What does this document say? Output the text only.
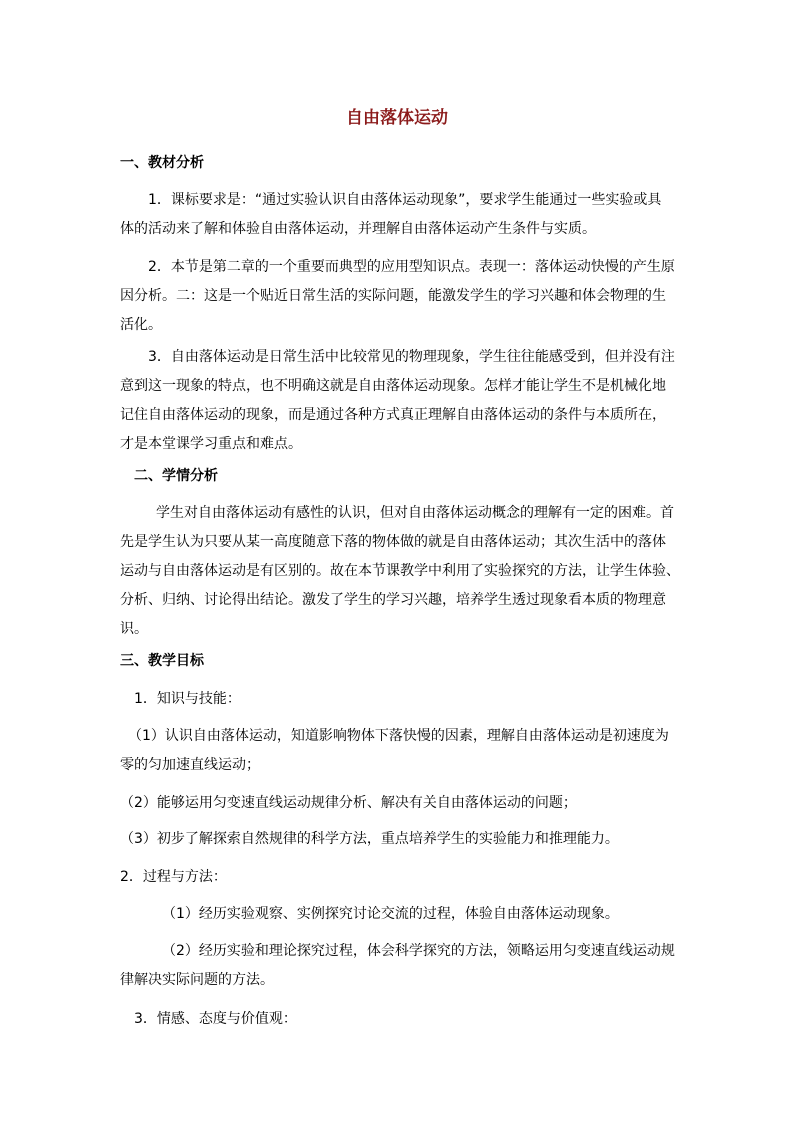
自由落体运动
一、教材分析
1．课标要求是：“通过实验认识自由落体运动现象”，要求学生能通过一些实验或具
体的活动来了解和体验自由落体运动，并理解自由落体运动产生条件与实质。
2．本节是第二章的一个重要而典型的应用型知识点。表现一：落体运动快慢的产生原
因分析。二：这是一个贴近日常生活的实际问题，能激发学生的学习兴趣和体会物理的生
活化。
3．自由落体运动是日常生活中比较常见的物理现象，学生往往能感受到，但并没有注
意到这一现象的特点，也不明确这就是自由落体运动现象。怎样才能让学生不是机械化地
记住自由落体运动的现象，而是通过各种方式真正理解自由落体运动的条件与本质所在，
才是本堂课学习重点和难点。
二、学情分析
学生对自由落体运动有感性的认识，但对自由落体运动概念的理解有一定的困难。首
先是学生认为只要从某一高度随意下落的物体做的就是自由落体运动；其次生活中的落体
运动与自由落体运动是有区别的。故在本节课教学中利用了实验探究的方法，让学生体验、
分析、归纳、讨论得出结论。激发了学生的学习兴趣，培养学生透过现象看本质的物理意
识。
三、教学目标
1．知识与技能：
（1）认识自由落体运动，知道影响物体下落快慢的因素，理解自由落体运动是初速度为
零的匀加速直线运动；
（2）能够运用匀变速直线运动规律分析、解决有关自由落体运动的问题；
（3）初步了解探索自然规律的科学方法，重点培养学生的实验能力和推理能力。
2．过程与方法：
（1）经历实验观察、实例探究讨论交流的过程，体验自由落体运动现象。
（2）经历实验和理论探究过程，体会科学探究的方法，领略运用匀变速直线运动规
律解决实际问题的方法。
3．情感、态度与价值观：
